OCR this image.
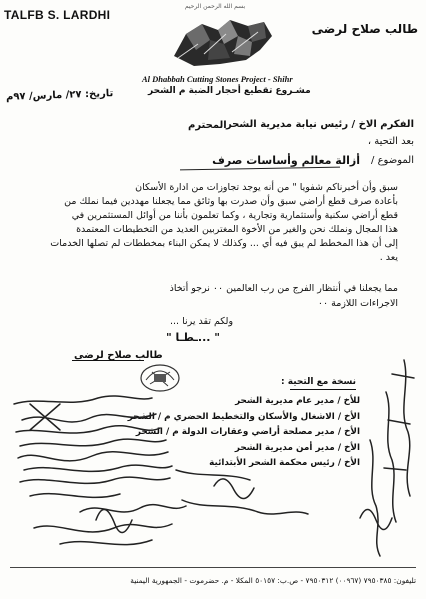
بسم الله الرحمن الرحيم
TALFB S. LARDHI
طالب صلاح لرضى
Al Dhabbah Cutting Stones Project - Shihr
مشـروع تقطيع أحجار الضبة م الشحر
تاريخ: ٢٧/ مارس/ ٩٧م
الفكرم الاخ / رئيس نيابة مديرية الشحر
المحترم
بعد التحية ،
الموضوع /
أزالة معالم وأساسات صرف
سبق وأن أخبرناكم شفويا " من أنه يوجد تجاوزات من ادارة الأسكان
بأعادة صرف قطع أراضي سبق وأن صدرت بها وثائق مما يجعلنا مهددين فيما نملك من
قطع أراضي سكنية وأستثمارية وتجارية ، وكما تعلمون بأننا من أوائل المستثمرين في
هذا المجال ونملك نحن والغير من الأخوة المغتربين العديد من التخطيطات المعتمدة
إلى أن هذا المخطط لم يبق فيه أي ... وكذلك لا يمكن البناء بمخططات لم تصلها الخدمات
يعد .
مما يجعلنا في أنتظار الفرج من رب العالمين ٠٠ نرجو أتخاذ
الاجراءات اللازمة ٠٠
ولكم تقد يرنا ...
" ...ـطـا "
طالب صلاح لرضى
نسخة مع التحية :
للأخ / مدير عام مديرية الشحر
الأخ / الاشغال والأسكان والتخطيط الحضري م / الشحر
الأخ / مدير مصلحة أراضي وعقارات الدولة م / الشحر
الأخ / مدير أمن مديرية الشحر
الأخ / رئيس محكمة الشحر الأبتدائية
تليفون: ٧٩٥٠٣٨٥ (٠٠٩٦٧) ٧٩٥٠٣١٢ - ص.ب: ٥٠١٥٧ المكلا - م. حضرموت - الجمهورية اليمنية
